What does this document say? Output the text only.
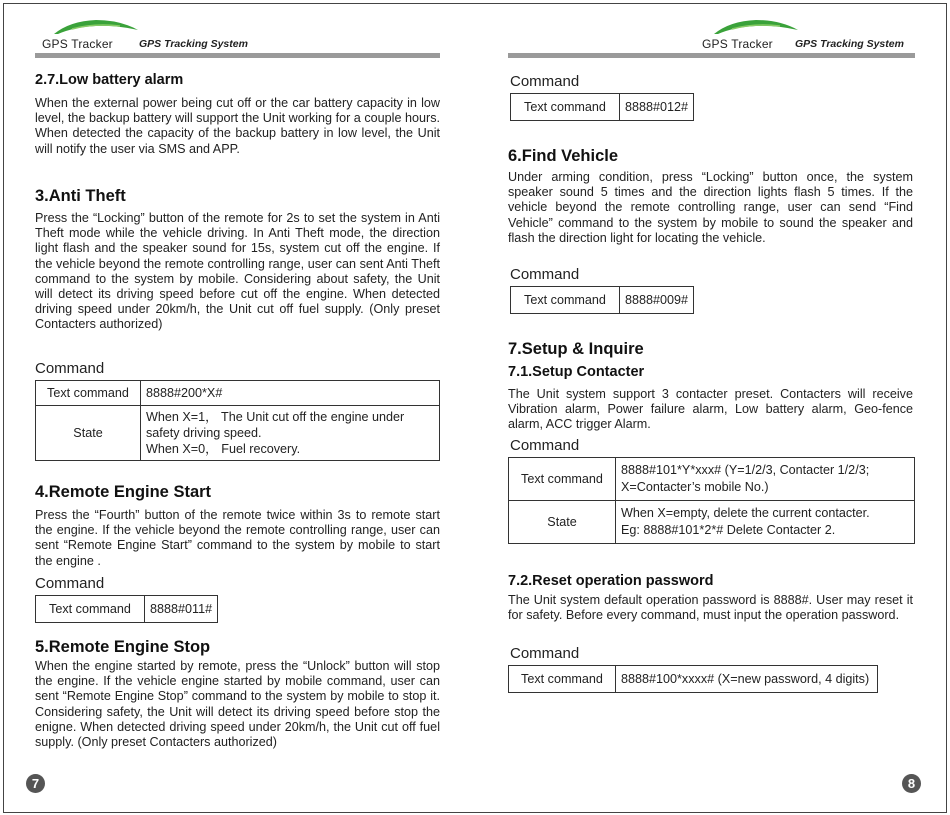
GPS Tracker GPS Tracking System
2.7.Low battery alarm
When the external power being cut off or the car battery capacity in low level, the backup battery will support the Unit working for a couple hours. When detected the capacity of the backup battery in low level, the Unit will notify the user via SMS and APP.
3.Anti Theft
Press the “Locking” button of the remote for 2s to set the system in Anti Theft mode while the vehicle driving. In Anti Theft mode, the direction light flash and the speaker sound for 15s, system cut off the engine. If the vehicle beyond the remote controlling range, user can sent Anti Theft command to the system by mobile. Considering about safety, the Unit will detect its driving speed before cut off the engine. When detected driving speed under 20km/h, the Unit cut off fuel supply. (Only preset Contacters authorized)
Command
Text command	8888#200*X#
State	When X=1， The Unit cut off the engine under safety driving speed.
When X=0， Fuel recovery.
4.Remote Engine Start
Press the “Fourth” button of the remote twice within 3s to remote start the engine. If the vehicle beyond the remote controlling range, user can sent “Remote Engine Start” command to the system by mobile to start the engine .
Command
Text command	8888#011#
5.Remote Engine Stop
When the engine started by remote, press the “Unlock” button will stop the engine. If the vehicle engine started by mobile command, user can sent “Remote Engine Stop” command to the system by mobile to stop it. Considering safety, the Unit will detect its driving speed before stop the enigne. When detected driving speed under 20km/h, the Unit cut off fuel supply. (Only preset Contacters authorized)
7
GPS Tracker GPS Tracking System
Command
Text command	8888#012#
6.Find Vehicle
Under arming condition, press “Locking” button once, the system speaker sound 5 times and the direction lights flash 5 times. If the vehicle beyond the remote controlling range, user can send “Find Vehicle” command to the system by mobile to sound the speaker and flash the direction light for locating the vehicle.
Command
Text command	8888#009#
7.Setup & Inquire
7.1.Setup Contacter
The Unit system support 3 contacter preset. Contacters will receive Vibration alarm, Power failure alarm, Low battery alarm, Geo-fence alarm, ACC trigger Alarm.
Command
Text command	8888#101*Y*xxx# (Y=1/2/3, Contacter 1/2/3;
X=Contacter’s mobile No.)

State	When X=empty, delete the current contacter.
Eg: 8888#101*2*# Delete Contacter 2.
7.2.Reset operation password
The Unit system default operation password is 8888#. User may reset it for safety. Before every command, must input the operation password.
Command
Text command	8888#100*xxxx# (X=new password, 4 digits)
8
